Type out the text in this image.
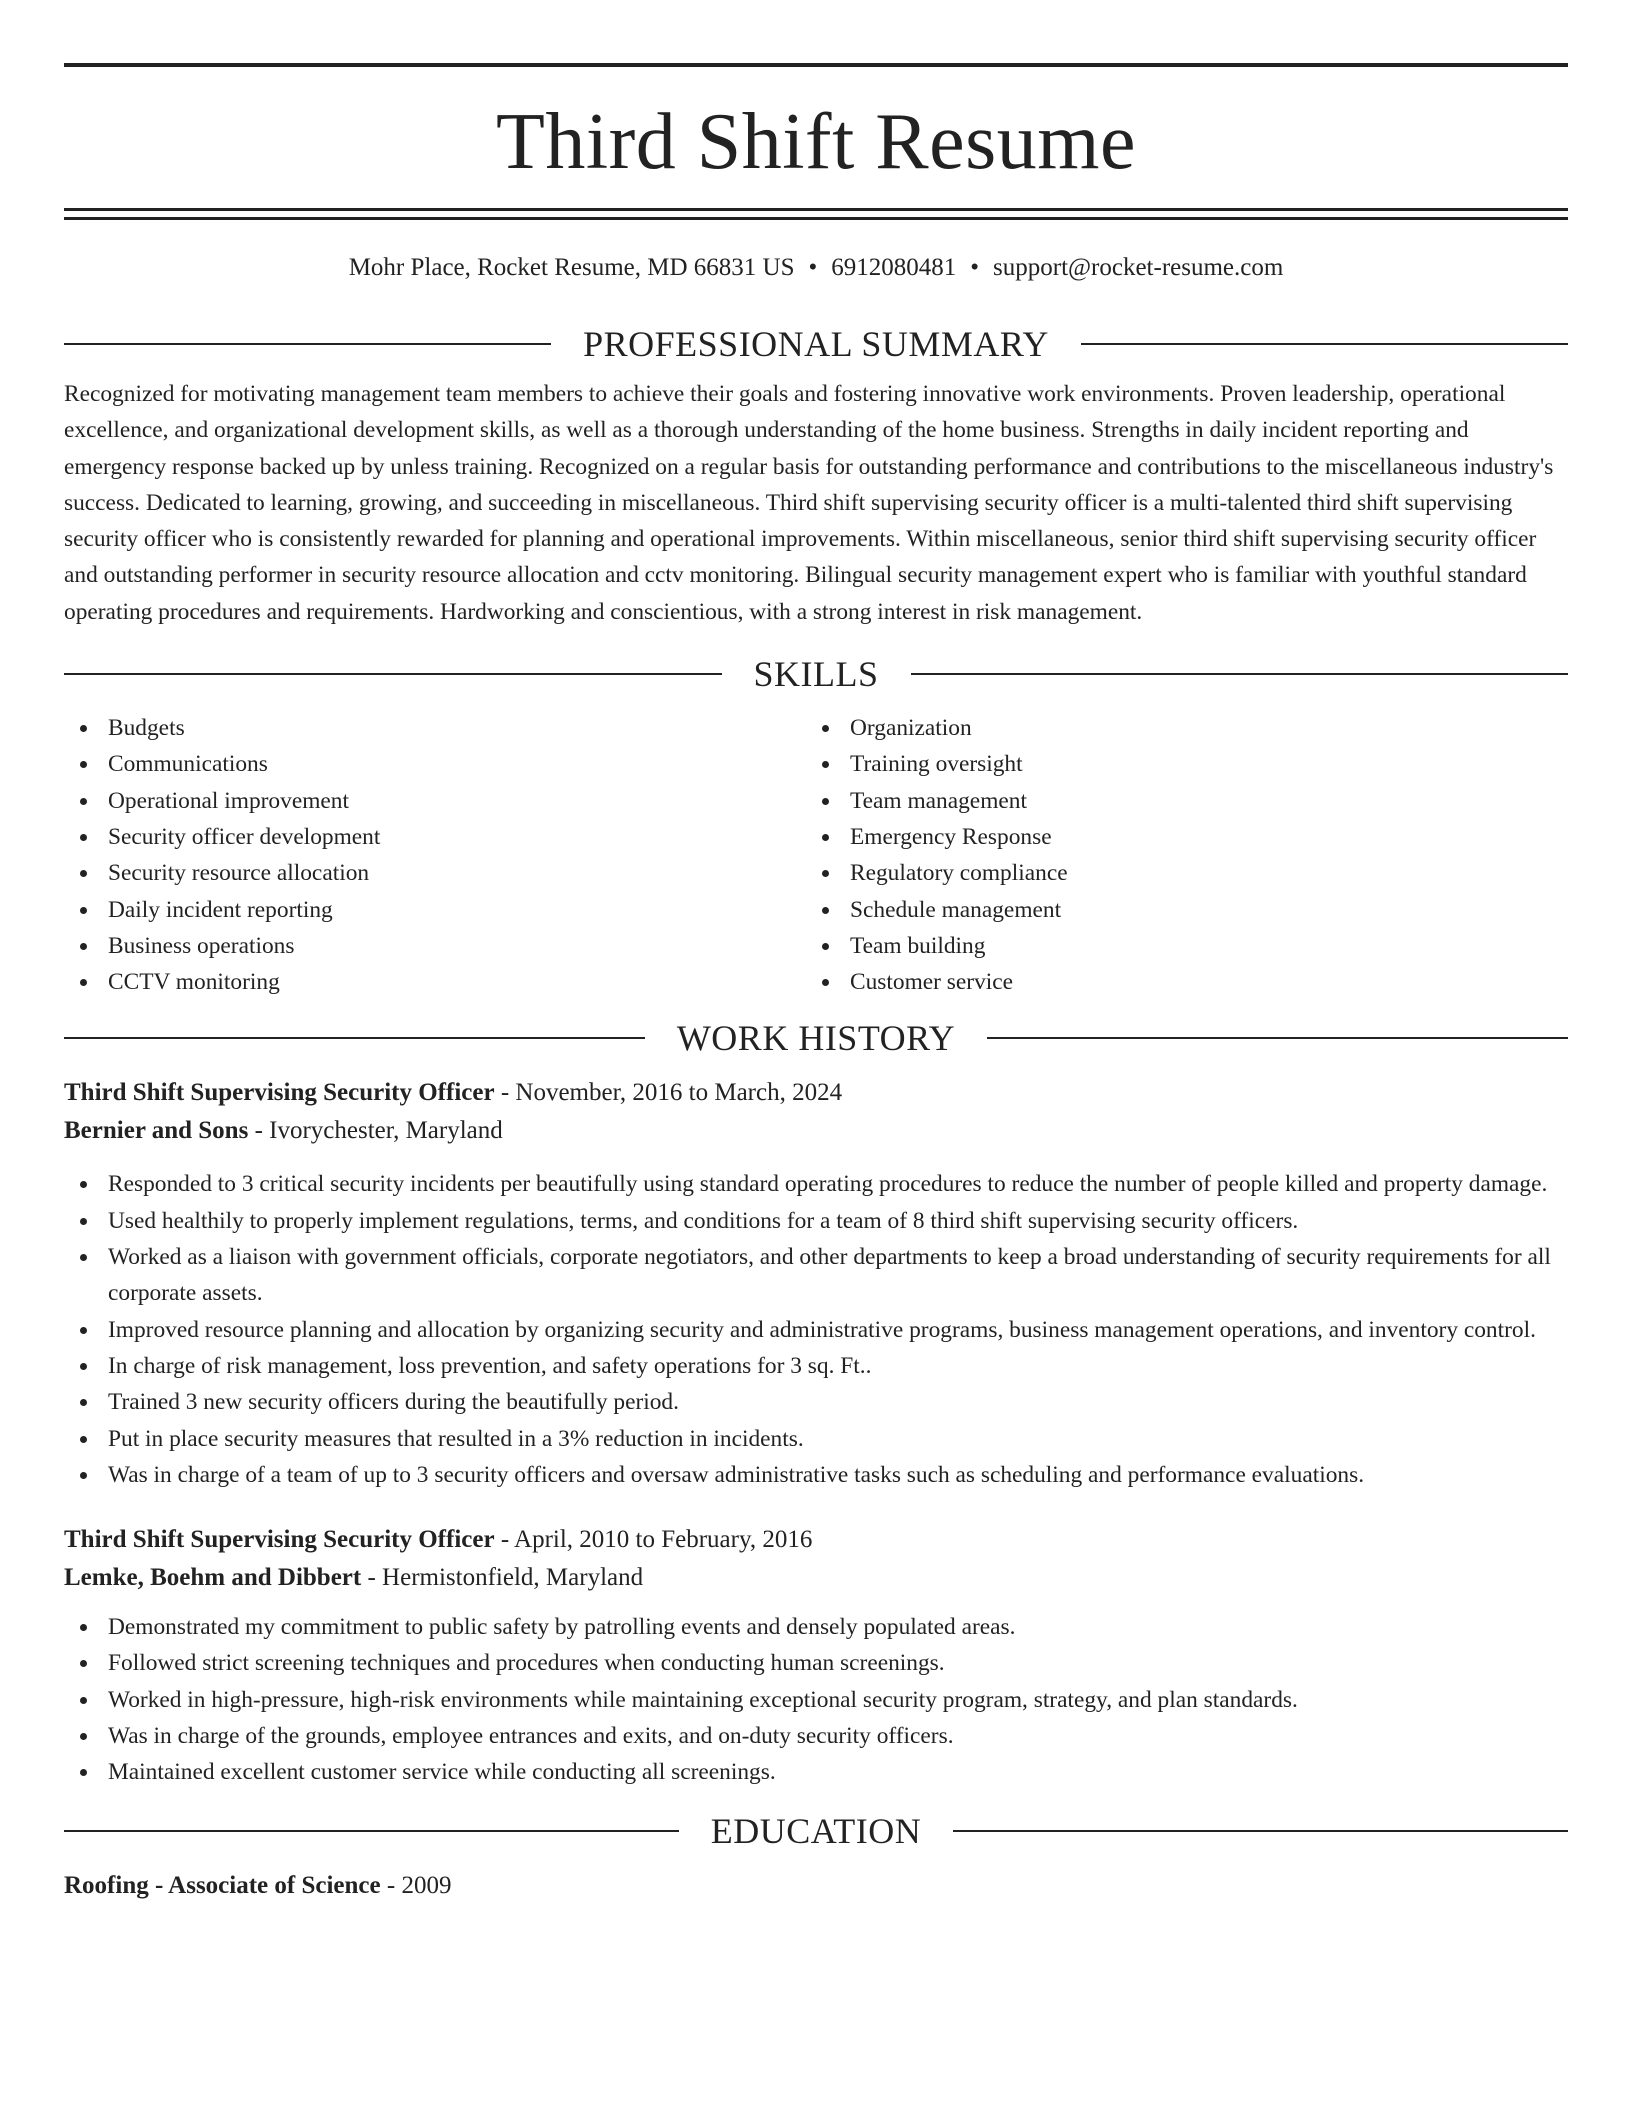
Third Shift Resume
Mohr Place, Rocket Resume, MD 66831 US • 6912080481 • support@rocket-resume.com
PROFESSIONAL SUMMARY
Recognized for motivating management team members to achieve their goals and fostering innovative work environments. Proven leadership, operational excellence, and organizational development skills, as well as a thorough understanding of the home business. Strengths in daily incident reporting and emergency response backed up by unless training. Recognized on a regular basis for outstanding performance and contributions to the miscellaneous industry's success. Dedicated to learning, growing, and succeeding in miscellaneous. Third shift supervising security officer is a multi-talented third shift supervising security officer who is consistently rewarded for planning and operational improvements. Within miscellaneous, senior third shift supervising security officer and outstanding performer in security resource allocation and cctv monitoring. Bilingual security management expert who is familiar with youthful standard operating procedures and requirements. Hardworking and conscientious, with a strong interest in risk management.
SKILLS
Budgets
Communications
Operational improvement
Security officer development
Security resource allocation
Daily incident reporting
Business operations
CCTV monitoring
Organization
Training oversight
Team management
Emergency Response
Regulatory compliance
Schedule management
Team building
Customer service
WORK HISTORY
Third Shift Supervising Security Officer - November, 2016 to March, 2024
Bernier and Sons - Ivorychester, Maryland
Responded to 3 critical security incidents per beautifully using standard operating procedures to reduce the number of people killed and property damage.
Used healthily to properly implement regulations, terms, and conditions for a team of 8 third shift supervising security officers.
Worked as a liaison with government officials, corporate negotiators, and other departments to keep a broad understanding of security requirements for all corporate assets.
Improved resource planning and allocation by organizing security and administrative programs, business management operations, and inventory control.
In charge of risk management, loss prevention, and safety operations for 3 sq. Ft..
Trained 3 new security officers during the beautifully period.
Put in place security measures that resulted in a 3% reduction in incidents.
Was in charge of a team of up to 3 security officers and oversaw administrative tasks such as scheduling and performance evaluations.
Third Shift Supervising Security Officer - April, 2010 to February, 2016
Lemke, Boehm and Dibbert - Hermistonfield, Maryland
Demonstrated my commitment to public safety by patrolling events and densely populated areas.
Followed strict screening techniques and procedures when conducting human screenings.
Worked in high-pressure, high-risk environments while maintaining exceptional security program, strategy, and plan standards.
Was in charge of the grounds, employee entrances and exits, and on-duty security officers.
Maintained excellent customer service while conducting all screenings.
EDUCATION
Roofing - Associate of Science - 2009
